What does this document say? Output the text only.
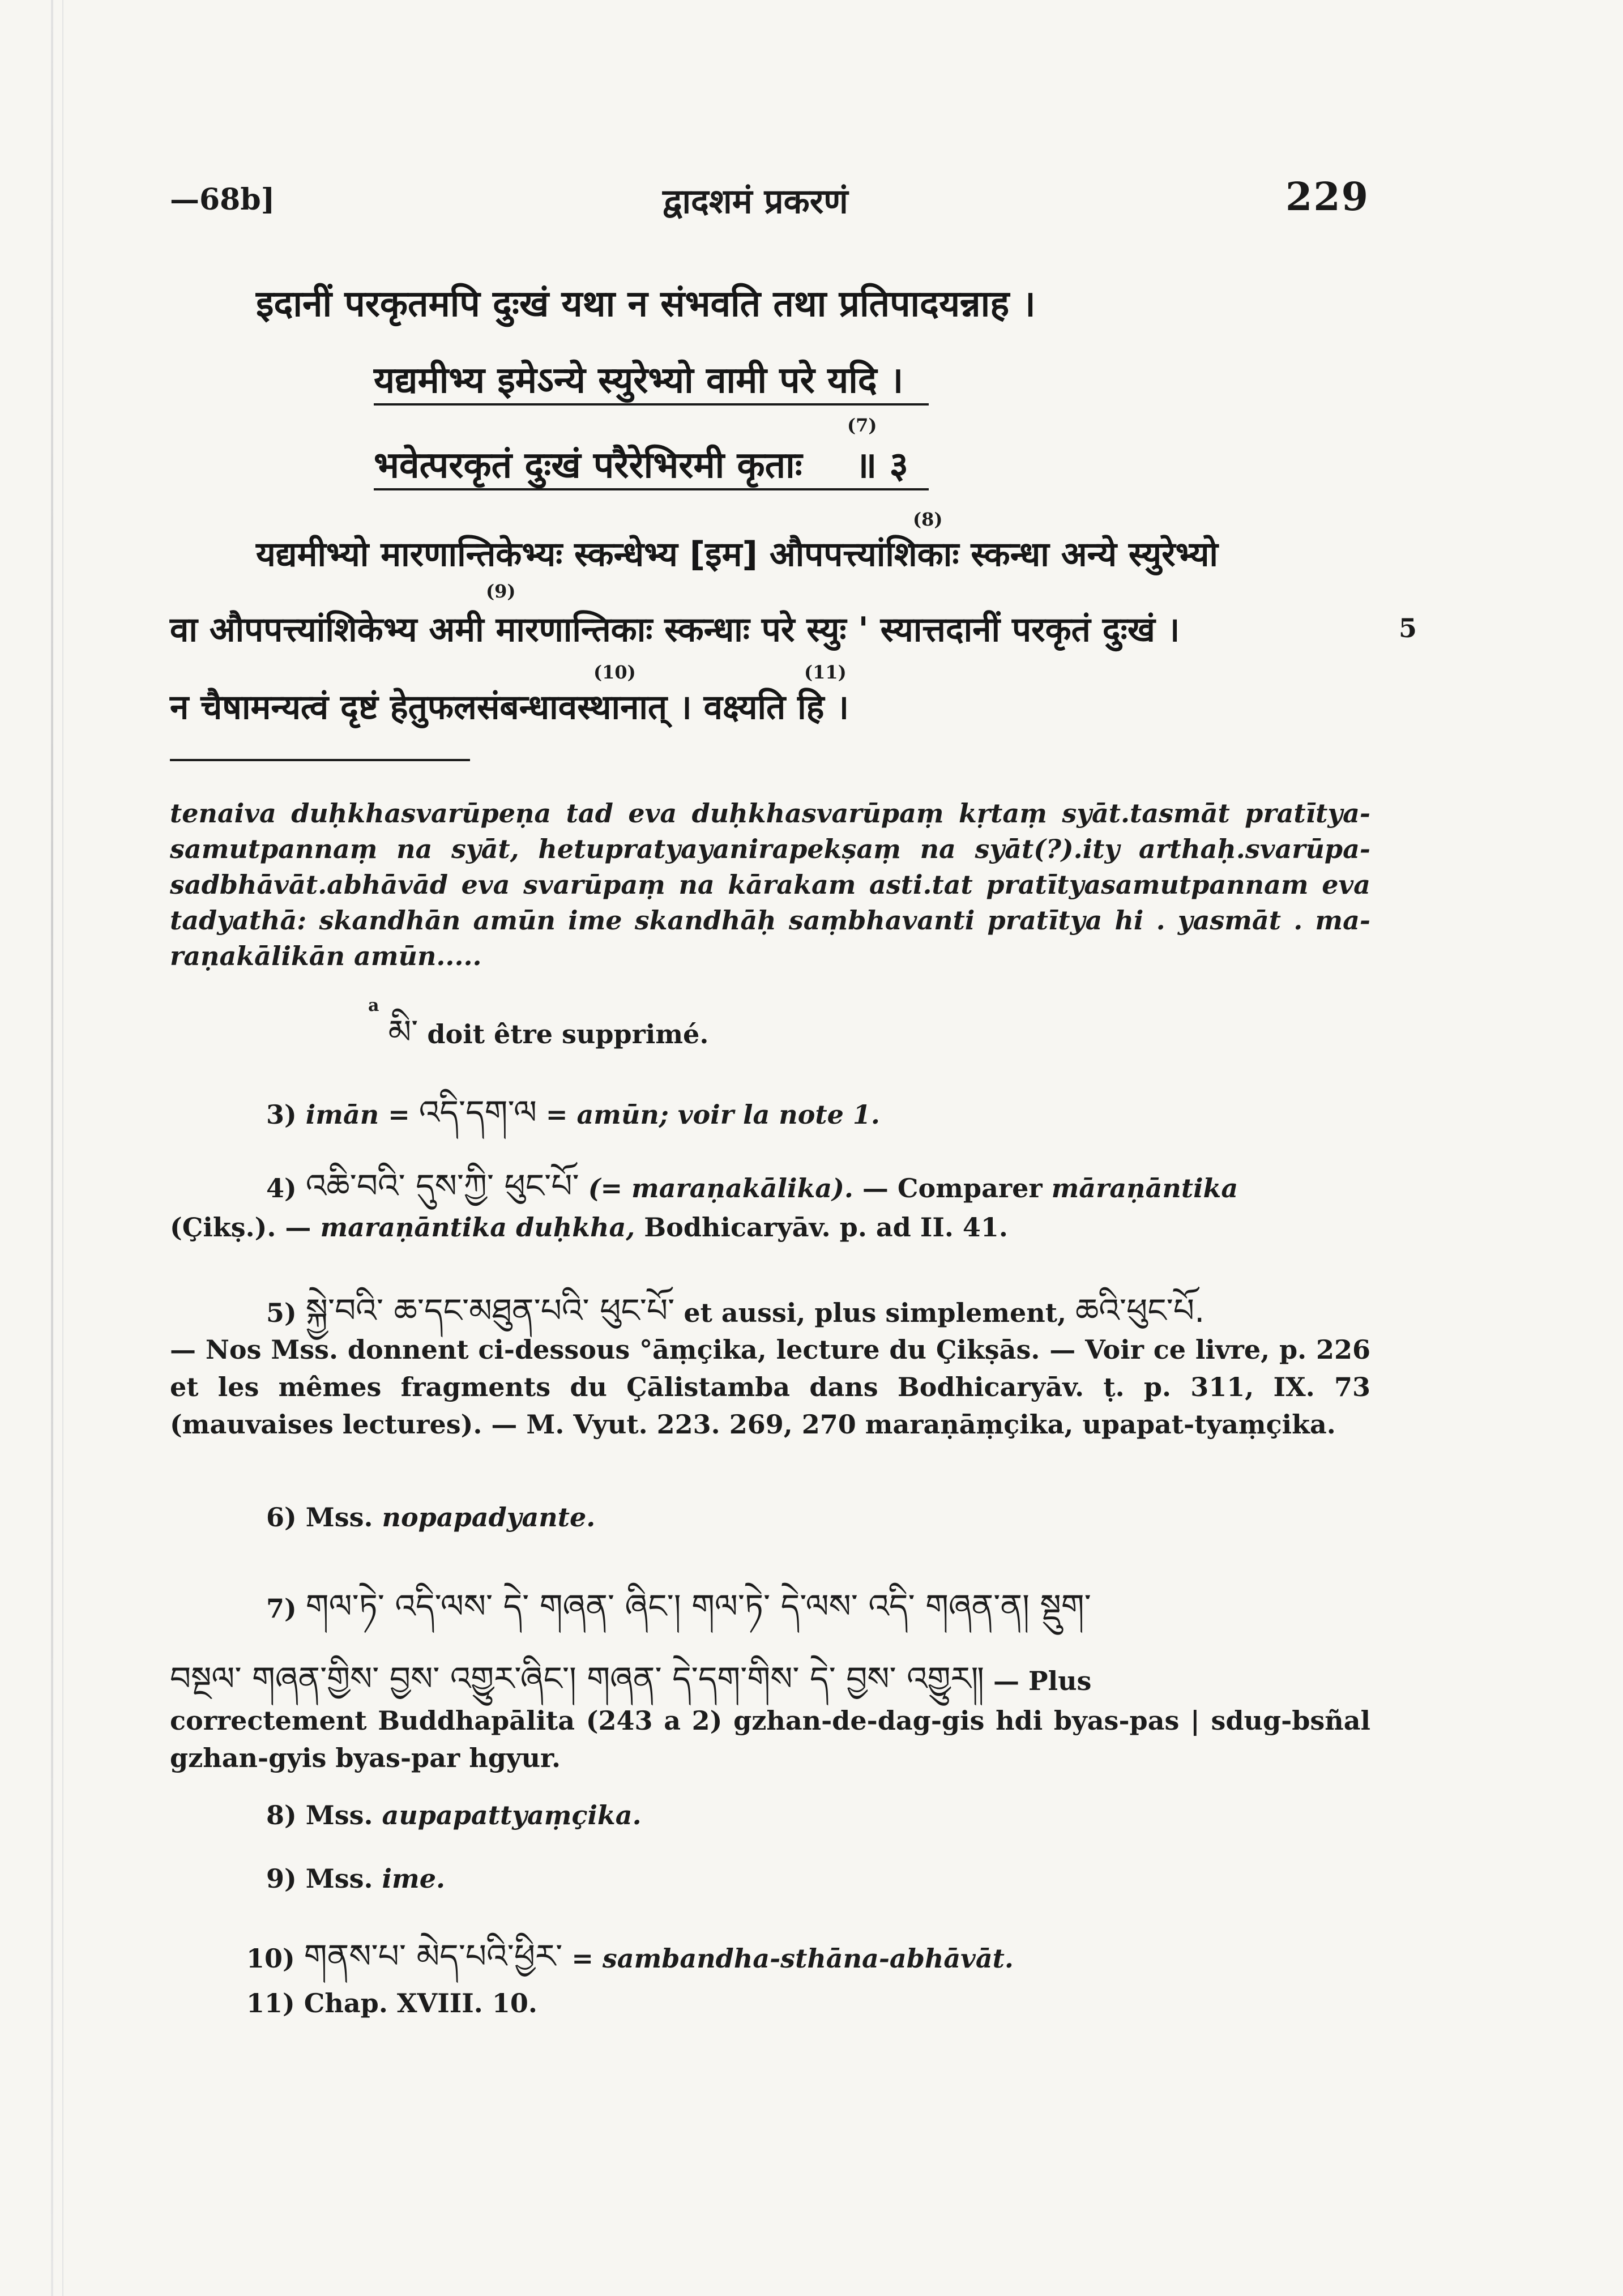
—68b]	द्वादशमं प्रकरणं	229
इदानीं परकृतमपि दुःखं यथा न संभवति तथा प्रतिपादयन्नाह ।
यद्यमीभ्य इमेऽन्ये स्युरेभ्यो वामी परे यदि ।
भवेत्परकृतं दुःखं परैरेभिरमी कृताः
(7)
॥ ३
(8)
यद्यमीभ्यो मारणान्तिकेभ्यः स्कन्धेभ्य [इम] औपपत्त्यांशिकाः स्कन्धा अन्ये स्युरेभ्यो
(9)
वा औपपत्त्यांशिकेभ्य अमी मारणान्तिकाः स्कन्धाः परे स्युः ' स्यात्तदानीं परकृतं दुःखं ।	5
(10)	(11)
न चैषामन्यत्वं दृष्टं हेतुफलसंबन्धावस्थानात् । वक्ष्यति हि ।
tenaiva duḥkhasvarūpeṇa tad eva duḥkhasvarūpaṃ kṛtaṃ syāt.tasmāt pratītya-samutpannaṃ na syāt, hetupratyayanirapekṣaṃ na syāt(?).ity arthaḥ.svarūpa-sadbhāvāt.abhāvād eva svarūpaṃ na kārakam asti.tat pratītyasamutpannam eva tadyathā: skandhān amūn ime skandhāḥ saṃbhavanti pratītya hi . yasmāt . ma-raṇakālikān amūn.....
$^a$ མི་ doit être supprimé.
3) imān = འདི་དག་ལ = amūn; voir la note 1.
4) འཆི་བའི་ དུས་ཀྱི་ ཕུང་པོ་ (= maraṇakālika). — Comparer māraṇāntika
(Çikṣ.). — maraṇāntika duḥkha, Bodhicaryāv. p. ad II. 41.
5) སྐྱེ་བའི་ ཆ་དང་མཐུན་པའི་ ཕུང་པོ་ et aussi, plus simplement, ཆའི་ཕུང་པོ.
— Nos Mss. donnent ci-dessous °āṃçika, lecture du Çikṣās. — Voir ce livre, p. 226 et les mêmes fragments du Çālistamba dans Bodhicaryāv. ṭ. p. 311, IX. 73 (mauvaises lectures). — M. Vyut. 223. 269, 270 maraṇāṃçika, upapat-tyaṃçika.
6) Mss. nopapadyante.
7) གལ་ཏེ་ འདི་ལས་ དེ་ གཞན་ ཞིང་། གལ་ཏེ་ དེ་ལས་ འདི་ གཞན་ན། སྡུག་
བསྔལ་ གཞན་གྱིས་ བྱས་ འགྱུར་ཞིང་། གཞན་ དེ་དག་གིས་ དེ་ བྱས་ འགྱུར༎ — Plus
correctement Buddhapālita (243 a 2) gzhan-de-dag-gis hdi byas-pas | sdug-bsñal gzhan-gyis byas-par hgyur.
8) Mss. aupapattyaṃçika.
9) Mss. ime.
10) གནས་པ་ མེད་པའི་ཕྱིར་ = sambandha-sthāna-abhāvāt.
11) Chap. XVIII. 10.
